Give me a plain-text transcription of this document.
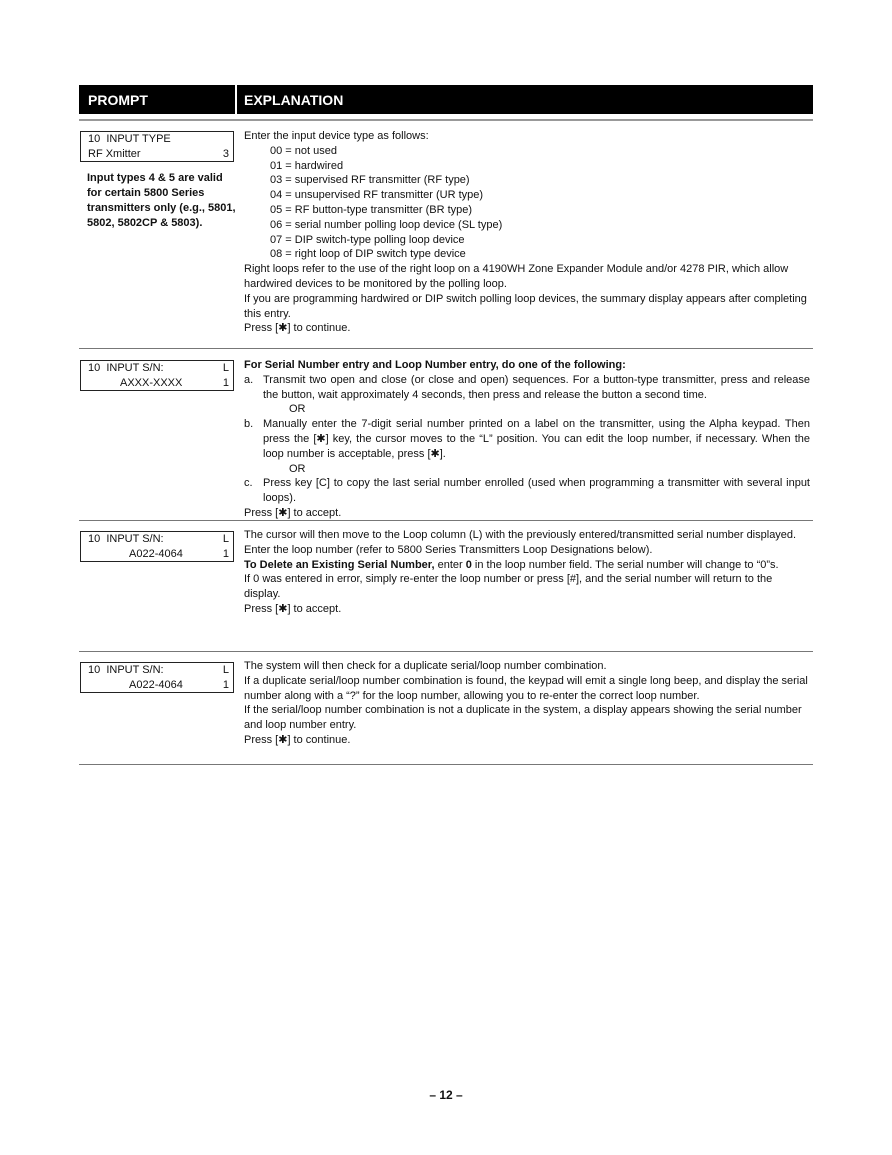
PROMPT	EXPLANATION
10  INPUT TYPE
RF Xmitter	3
Input types 4 & 5 are valid for certain 5800 Series transmitters only (e.g., 5801, 5802, 5802CP & 5803).

Enter the input device type as follows:

00 = not used

01 = hardwired

03 = supervised RF transmitter (RF type)

04 = unsupervised RF transmitter (UR type)

05 = RF button-type transmitter (BR type)

06 = serial number polling loop device (SL type)

07 = DIP switch-type polling loop device

08 = right loop of DIP switch type device

Right loops refer to the use of the right loop on a 4190WH Zone Expander Module and/or 4278 PIR, which allow hardwired devices to be monitored by the polling loop.

If you are programming hardwired or DIP switch polling loop devices, the summary display appears after completing this entry.

Press [✱] to continue.

10  INPUT S/N:	L
AXXX-XXXX	1

For Serial Number entry and Loop Number entry, do one of the following:

a. Transmit two open and close (or close and open) sequences. For a button-type transmitter, press and release the button, wait approximately 4 seconds, then press and release the button a second time.

OR

b. Manually enter the 7-digit serial number printed on a label on the transmitter, using the Alpha keypad. Then press the [✱] key, the cursor moves to the “L” position. You can edit the loop number, if necessary. When the loop number is acceptable, press [✱].

OR

c. Press key [C] to copy the last serial number enrolled (used when programming a transmitter with several input loops).

Press [✱] to accept.

10  INPUT S/N:	L
A022-4064	1

The cursor will then move to the Loop column (L) with the previously entered/transmitted serial number displayed.

Enter the loop number (refer to 5800 Series Transmitters Loop Designations below).

To Delete an Existing Serial Number, enter 0 in the loop number field. The serial number will change to “0”s.

If 0 was entered in error, simply re-enter the loop number or press [#], and the serial number will return to the display.

Press [✱] to accept.

10  INPUT S/N:	L
A022-4064	1

The system will then check for a duplicate serial/loop number combination.

If a duplicate serial/loop number combination is found, the keypad will emit a single long beep, and display the serial number along with a “?” for the loop number, allowing you to re-enter the correct loop number.

If the serial/loop number combination is not a duplicate in the system, a display appears showing the serial number and loop number entry.

Press [✱] to continue.

– 12 –
